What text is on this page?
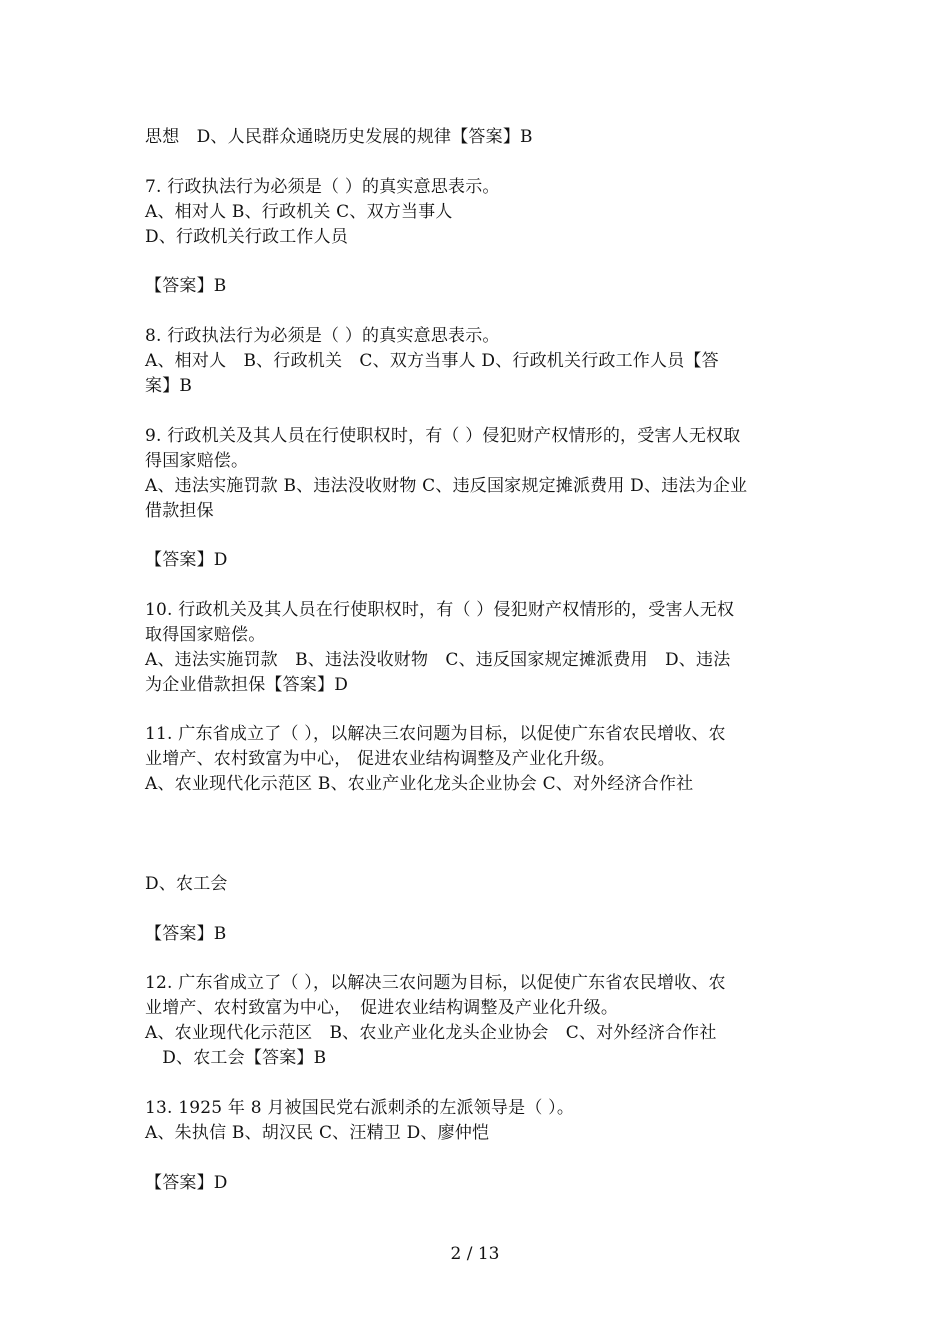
思想　D、人民群众通晓历史发展的规律【答案】B
7. 行政执法行为必须是（ ）的真实意思表示。
A、相对人 B、行政机关 C、双方当事人
D、行政机关行政工作人员
【答案】B
8. 行政执法行为必须是（ ）的真实意思表示。
A、相对人　B、行政机关　C、双方当事人 D、行政机关行政工作人员【答
案】B
9. 行政机关及其人员在行使职权时，有（ ）侵犯财产权情形的，受害人无权取
得国家赔偿。
A、违法实施罚款 B、违法没收财物 C、违反国家规定摊派费用 D、违法为企业
借款担保
【答案】D
10. 行政机关及其人员在行使职权时，有（ ）侵犯财产权情形的，受害人无权
取得国家赔偿。
A、违法实施罚款　B、违法没收财物　C、违反国家规定摊派费用　D、违法
为企业借款担保【答案】D
11. 广东省成立了（ ），以解决三农问题为目标，以促使广东省农民增收、农
业增产、农村致富为中心， 促进农业结构调整及产业化升级。
A、农业现代化示范区 B、农业产业化龙头企业协会 C、对外经济合作社
D、农工会
【答案】B
12. 广东省成立了（ ），以解决三农问题为目标，以促使广东省农民增收、农
业增产、农村致富为中心，　促进农业结构调整及产业化升级。
A、农业现代化示范区　B、农业产业化龙头企业协会　C、对外经济合作社
　D、农工会【答案】B
13. 1925 年 8 月被国民党右派刺杀的左派领导是（ ）。
A、朱执信 B、胡汉民 C、汪精卫 D、廖仲恺
【答案】D
2 / 13
